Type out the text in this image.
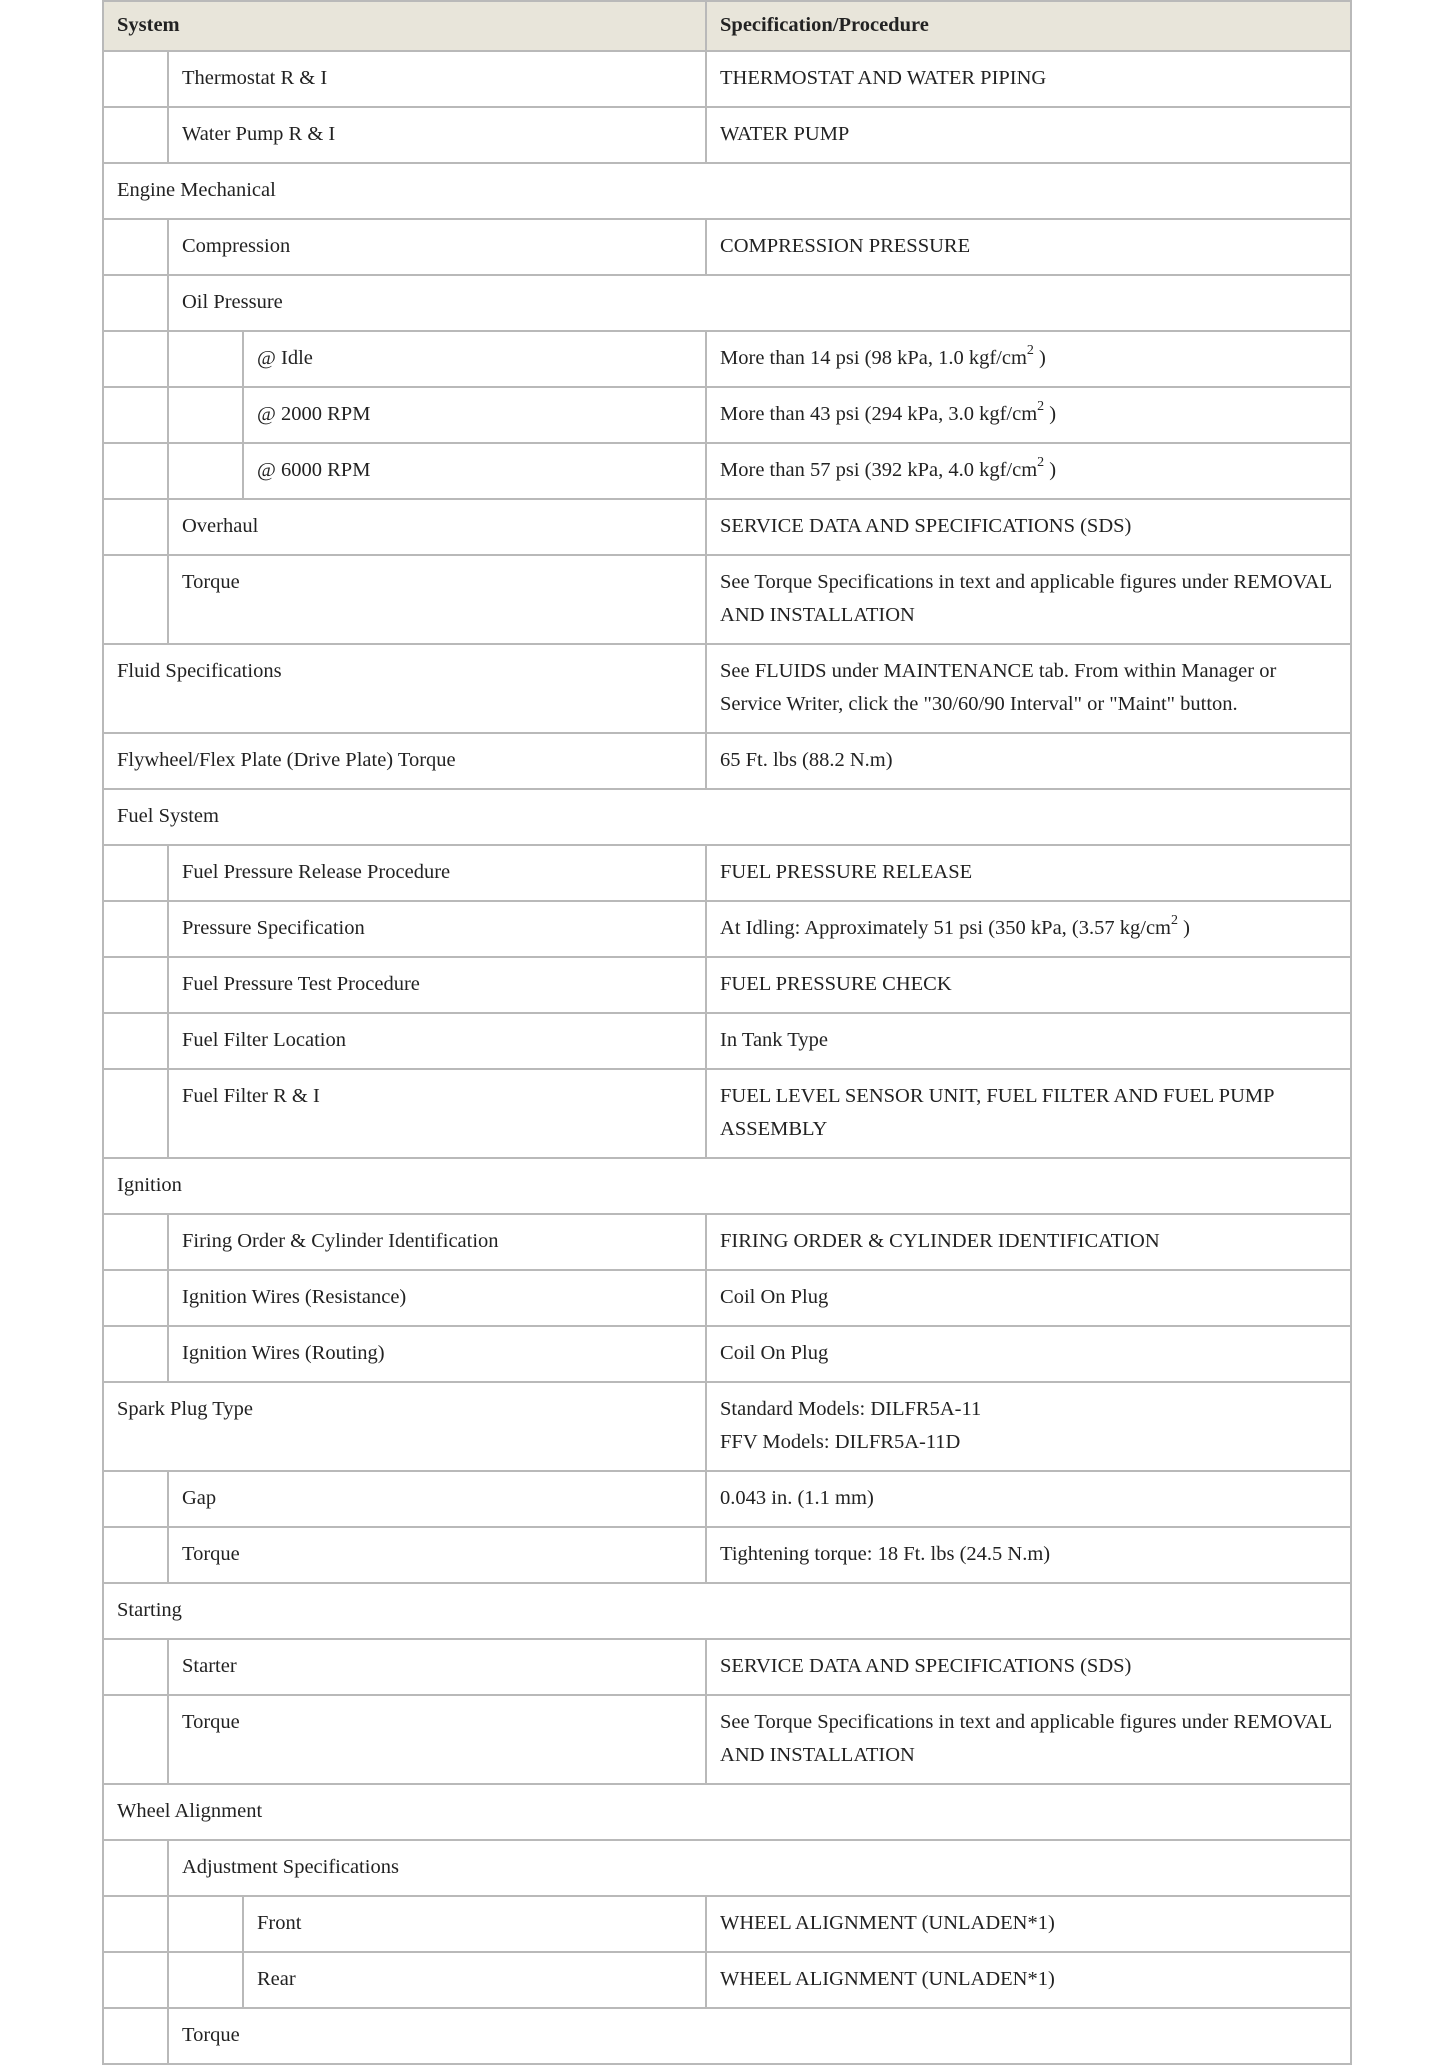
System			Specification/Procedure
	Thermostat R & I		THERMOSTAT AND WATER PIPING
	Water Pump R & I		WATER PUMP
Engine Mechanical			
	Compression		COMPRESSION PRESSURE
	Oil Pressure		
		@ Idle	More than 14 psi (98 kPa, 1.0 kgf/$cm^2$ )
		@ 2000 RPM	More than 43 psi (294 kPa, 3.0 kgf/$cm^2$ )
		@ 6000 RPM	More than 57 psi (392 kPa, 4.0 kgf/$cm^2$ )
	Overhaul		SERVICE DATA AND SPECIFICATIONS (SDS)
	Torque		See Torque Specifications in text and applicable figures under REMOVAL AND INSTALLATION
Fluid Specifications			See FLUIDS under MAINTENANCE tab. From within Manager or Service Writer, click the "30/60/90 Interval" or "Maint" button.
Flywheel/Flex Plate (Drive Plate) Torque			65 Ft. lbs (88.2 N.m)
Fuel System			
	Fuel Pressure Release Procedure		FUEL PRESSURE RELEASE
	Pressure Specification		At Idling: Approximately 51 psi (350 kPa, (3.57 $kg/cm^2$ )
	Fuel Pressure Test Procedure		FUEL PRESSURE CHECK
	Fuel Filter Location		In Tank Type
	Fuel Filter R & I		FUEL LEVEL SENSOR UNIT, FUEL FILTER AND FUEL PUMP ASSEMBLY
Ignition			
	Firing Order & Cylinder Identification		FIRING ORDER & CYLINDER IDENTIFICATION
	Ignition Wires (Resistance)		Coil On Plug
	Ignition Wires (Routing)		Coil On Plug
Spark Plug Type			Standard Models: DILFR5A-11
FFV Models: DILFR5A-11D
	Gap		0.043 in. (1.1 mm)
	Torque		Tightening torque: 18 Ft. lbs (24.5 N.m)
Starting			
	Starter		SERVICE DATA AND SPECIFICATIONS (SDS)
	Torque		See Torque Specifications in text and applicable figures under REMOVAL AND INSTALLATION
Wheel Alignment			
	Adjustment Specifications		
		Front	WHEEL ALIGNMENT (UNLADEN*1)
		Rear	WHEEL ALIGNMENT (UNLADEN*1)
	Torque		
